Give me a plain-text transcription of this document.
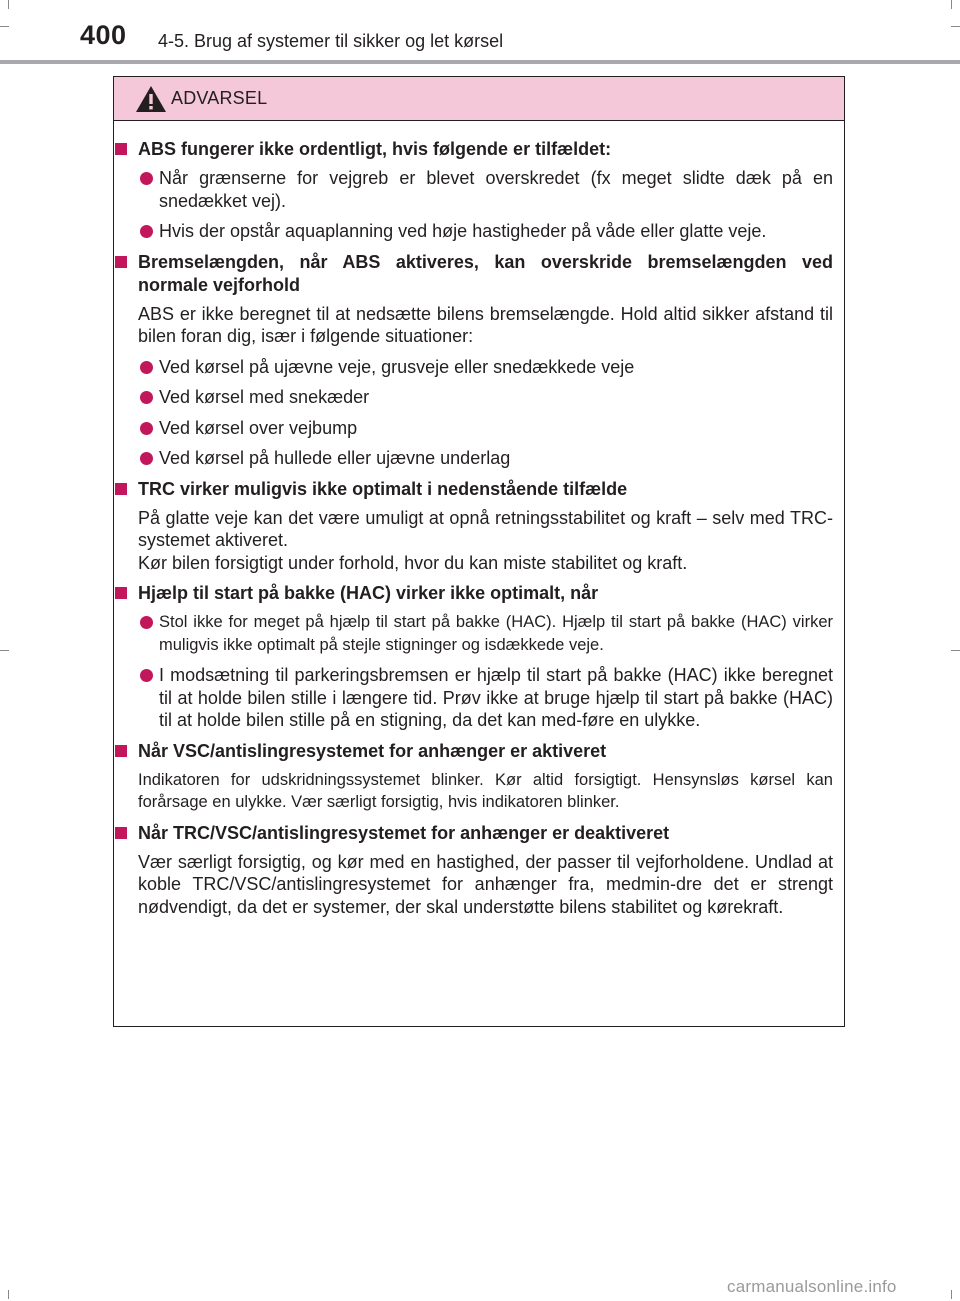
400 4-5. Brug af systemer til sikker og let kørsel
ADVARSEL
ABS fungerer ikke ordentligt, hvis følgende er tilfældet:
Når grænserne for vejgreb er blevet overskredet (fx meget slidte dæk på en snedækket vej).
Hvis der opstår aquaplanning ved høje hastigheder på våde eller glatte veje.
Bremselængden, når ABS aktiveres, kan overskride bremselængden ved normale vejforhold
ABS er ikke beregnet til at nedsætte bilens bremselængde. Hold altid sikker afstand til bilen foran dig, især i følgende situationer:
Ved kørsel på ujævne veje, grusveje eller snedækkede veje
Ved kørsel med snekæder
Ved kørsel over vejbump
Ved kørsel på hullede eller ujævne underlag
TRC virker muligvis ikke optimalt i nedenstående tilfælde
På glatte veje kan det være umuligt at opnå retningsstabilitet og kraft – selv med TRC-systemet aktiveret.
Kør bilen forsigtigt under forhold, hvor du kan miste stabilitet og kraft.
Hjælp til start på bakke (HAC) virker ikke optimalt, når
Stol ikke for meget på hjælp til start på bakke (HAC). Hjælp til start på bakke (HAC) virker muligvis ikke optimalt på stejle stigninger og isdækkede veje.
I modsætning til parkeringsbremsen er hjælp til start på bakke (HAC) ikke beregnet til at holde bilen stille i længere tid. Prøv ikke at bruge hjælp til start på bakke (HAC) til at holde bilen stille på en stigning, da det kan med-føre en ulykke.
Når VSC/antislingresystemet for anhænger er aktiveret
Indikatoren for udskridningssystemet blinker. Kør altid forsigtigt. Hensynsløs kørsel kan forårsage en ulykke. Vær særligt forsigtig, hvis indikatoren blinker.
Når TRC/VSC/antislingresystemet for anhænger er deaktiveret
Vær særligt forsigtig, og kør med en hastighed, der passer til vejforholdene. Undlad at koble TRC/VSC/antislingresystemet for anhænger fra, medmin-dre det er strengt nødvendigt, da det er systemer, der skal understøtte bilens stabilitet og kørekraft.
carmanualsonline.info
